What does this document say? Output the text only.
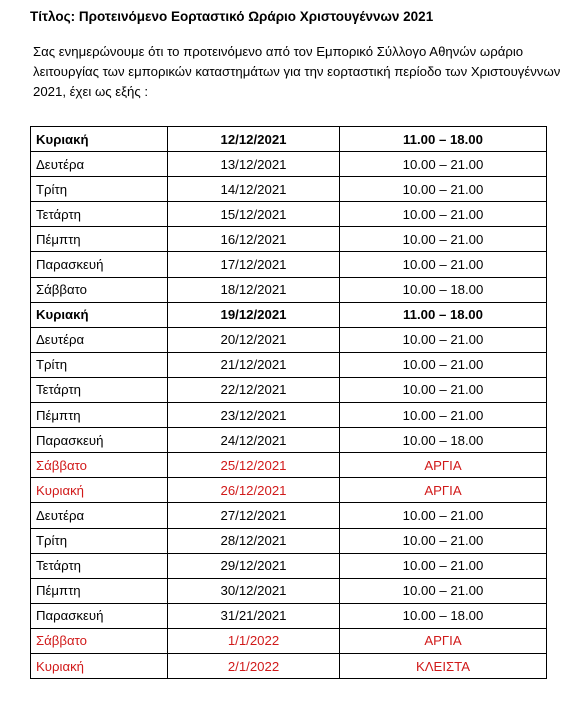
Τίτλος: Προτεινόμενο Εορταστικό Ωράριο Χριστουγέννων 2021

Σας ενημερώνουμε ότι το προτεινόμενο από τον Εμπορικό Σύλλογο Αθηνών ωράριο

λειτουργίας των εμπορικών καταστημάτων για την εορταστική περίοδο των Χριστουγέννων

2021, έχει ως εξής :

Κυριακή	12/12/2021	11.00 – 18.00
Δευτέρα	13/12/2021	10.00 – 21.00
Τρίτη	14/12/2021	10.00 – 21.00
Τετάρτη	15/12/2021	10.00 – 21.00
Πέμπτη	16/12/2021	10.00 – 21.00
Παρασκευή	17/12/2021	10.00 – 21.00
Σάββατο	18/12/2021	10.00 – 18.00
Κυριακή	19/12/2021	11.00 – 18.00
Δευτέρα	20/12/2021	10.00 – 21.00
Τρίτη	21/12/2021	10.00 – 21.00
Τετάρτη	22/12/2021	10.00 – 21.00
Πέμπτη	23/12/2021	10.00 – 21.00
Παρασκευή	24/12/2021	10.00 – 18.00
Σάββατο	25/12/2021	ΑΡΓΙΑ
Κυριακή	26/12/2021	ΑΡΓΙΑ
Δευτέρα	27/12/2021	10.00 – 21.00
Τρίτη	28/12/2021	10.00 – 21.00
Τετάρτη	29/12/2021	10.00 – 21.00
Πέμπτη	30/12/2021	10.00 – 21.00
Παρασκευή	31/21/2021	10.00 – 18.00
Σάββατο	1/1/2022	ΑΡΓΙΑ
Κυριακή	2/1/2022	ΚΛΕΙΣΤΑ
